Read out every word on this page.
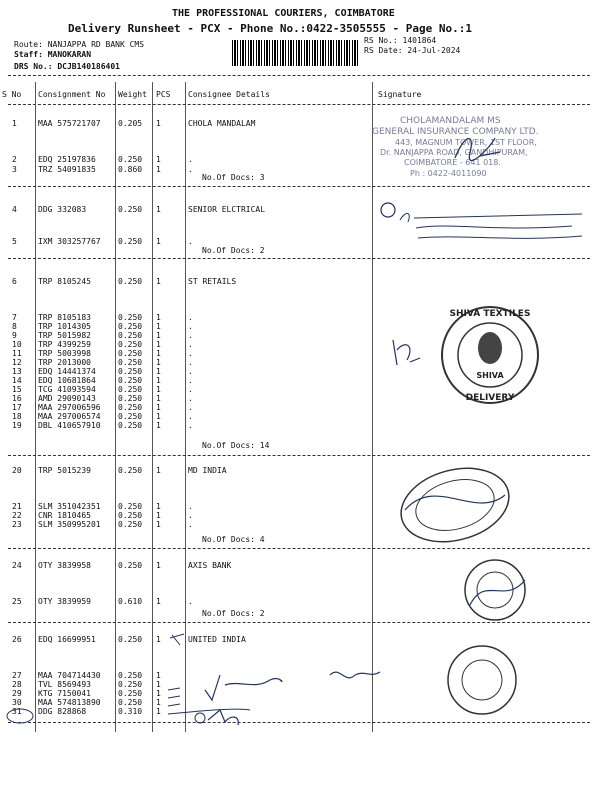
THE PROFESSIONAL COURIERS, COIMBATORE
Delivery Runsheet - PCX - Phone No.:0422-3505555 - Page No.:1
Route: NANJAPPA RD BANK CMS
Staff: MANOKARAN
DRS No.: DCJB140186401
RS No.: 1401864
RS Date: 24-Jul-2024
S No Consignment No Weight PCS Consignee Details	Signature
1	MAA 575721707 0.205 1	CHOLA MANDALAM
2	EDQ 25197836	0.250 1	.
3	TRZ 54091835	0.860 1	.
4	DDG 332083	0.250 1	SENIOR ELCTRICAL
5	IXM 303257767 0.250 1	.
6	TRP 8105245	0.250 1	ST RETAILS
7	TRP 8105183	0.250 1	.
8	TRP 1014305	0.250 1	.
9	TRP 5015982	0.250 1	.
10 TRP 4399259	0.250 1	.
11 TRP 5003998	0.250 1	.
12 TRP 2013000	0.250 1	.
13 EDQ 14441374	0.250 1	.
14 EDQ 10681864	0.250 1	.
15 TCG 41093594	0.250 1	.
16 AMD 29090143	0.250 1	.
17 MAA 297006596 0.250 1	.
18 MAA 297006574 0.250 1	.
19 DBL 410657910 0.250 1	.
20 TRP 5015239	0.250 1	MD INDIA
21 SLM 351042351 0.250 1	.
22 CNR 1810465	0.250 1	.
23 SLM 350995201 0.250 1	.
24 OTY 3839958	0.250 1	AXIS BANK
25 OTY 3839959	0.610 1	.
26 EDQ 16699951	0.250 1	UNITED INDIA
27 MAA 704714430 0.250 1
28 TVL 8569493	0.250 1
29 KTG 7150041	0.250 1
30 MAA 574813890 0.250 1
31 DDG 828868	0.310 1
No.Of Docs: 3
No.Of Docs: 2
No.Of Docs: 14
No.Of Docs: 4
No.Of Docs: 2
CHOLAMANDALAM MS
GENERAL INSURANCE COMPANY LTD.
443, MAGNUM TOWER, 1ST FLOOR,
Dr. NANJAPPA ROAD, GANDHIPURAM,
COIMBATORE - 641 018.
Ph : 0422-4011090
SHIVA TEXTILES
SHIVA
DELIVERY
